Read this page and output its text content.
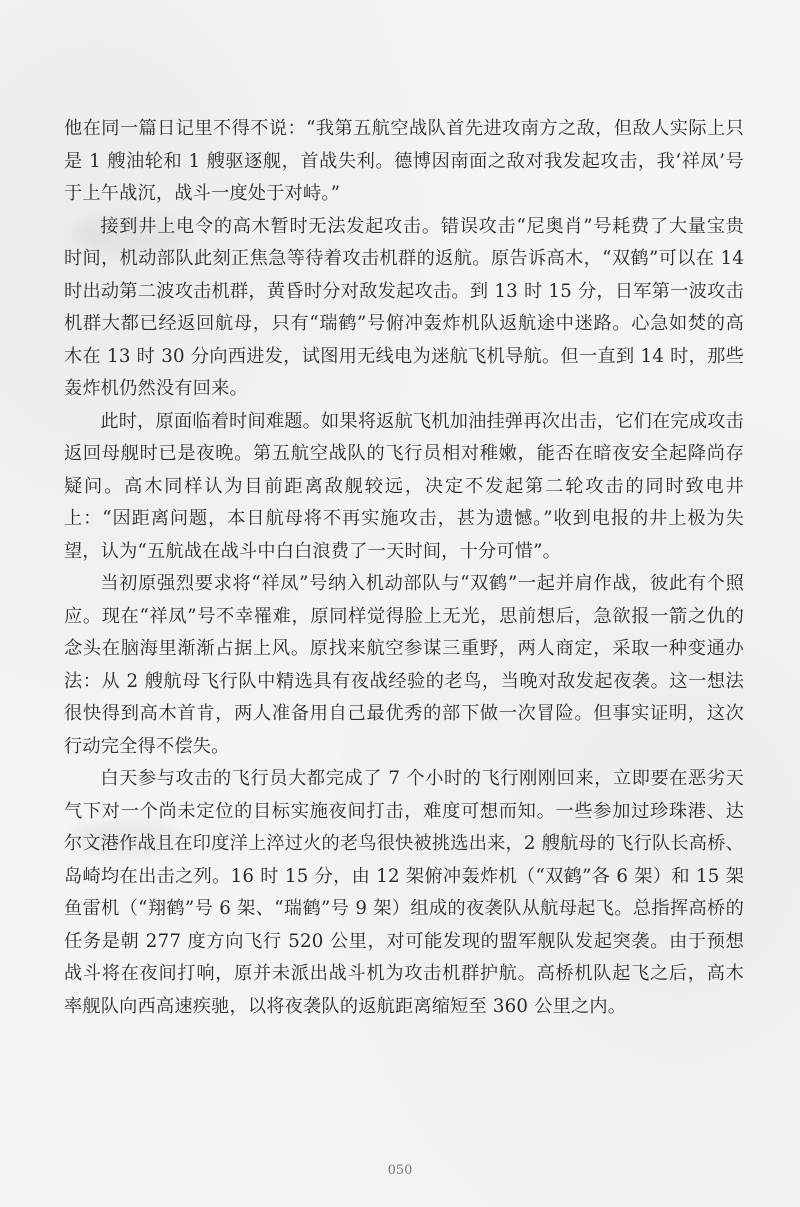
他在同一篇日记里不得不说：“我第五航空战队首先进攻南方之敌，但敌人实际上只是 1 艘油轮和 1 艘驱逐舰，首战失利。德博因南面之敌对我发起攻击，我‘祥凤’号于上午战沉，战斗一度处于对峙。”

接到井上电令的高木暂时无法发起攻击。错误攻击“尼奥肖”号耗费了大量宝贵时间，机动部队此刻正焦急等待着攻击机群的返航。原告诉高木，“双鹤”可以在 14 时出动第二波攻击机群，黄昏时分对敌发起攻击。到 13 时 15 分，日军第一波攻击机群大都已经返回航母，只有“瑞鹤”号俯冲轰炸机队返航途中迷路。心急如焚的高木在 13 时 30 分向西进发，试图用无线电为迷航飞机导航。但一直到 14 时，那些轰炸机仍然没有回来。

此时，原面临着时间难题。如果将返航飞机加油挂弹再次出击，它们在完成攻击返回母舰时已是夜晚。第五航空战队的飞行员相对稚嫩，能否在暗夜安全起降尚存疑问。高木同样认为目前距离敌舰较远，决定不发起第二轮攻击的同时致电井上：“因距离问题，本日航母将不再实施攻击，甚为遗憾。”收到电报的井上极为失望，认为“五航战在战斗中白白浪费了一天时间，十分可惜”。

当初原强烈要求将“祥凤”号纳入机动部队与“双鹤”一起并肩作战，彼此有个照应。现在“祥凤”号不幸罹难，原同样觉得脸上无光，思前想后，急欲报一箭之仇的念头在脑海里渐渐占据上风。原找来航空参谋三重野，两人商定，采取一种变通办法：从 2 艘航母飞行队中精选具有夜战经验的老鸟，当晚对敌发起夜袭。这一想法很快得到高木首肯，两人准备用自己最优秀的部下做一次冒险。但事实证明，这次行动完全得不偿失。

白天参与攻击的飞行员大都完成了 7 个小时的飞行刚刚回来，立即要在恶劣天气下对一个尚未定位的目标实施夜间打击，难度可想而知。一些参加过珍珠港、达尔文港作战且在印度洋上淬过火的老鸟很快被挑选出来，2 艘航母的飞行队长高桥、岛崎均在出击之列。16 时 15 分，由 12 架俯冲轰炸机（“双鹤”各 6 架）和 15 架鱼雷机（“翔鹤”号 6 架、“瑞鹤”号 9 架）组成的夜袭队从航母起飞。总指挥高桥的任务是朝 277 度方向飞行 520 公里，对可能发现的盟军舰队发起突袭。由于预想战斗将在夜间打响，原并未派出战斗机为攻击机群护航。高桥机队起飞之后，高木率舰队向西高速疾驰，以将夜袭队的返航距离缩短至 360 公里之内。

050
